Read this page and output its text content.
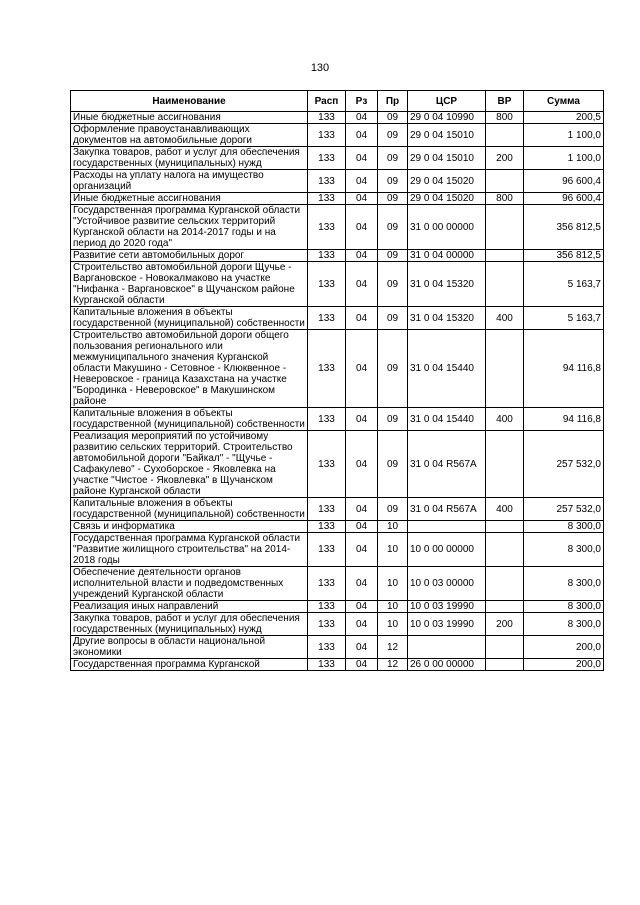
130
Наименование	Расп	Рз	Пр	ЦСР	ВР	Сумма
Иные бюджетные ассигнования	133	04	09	29 0 04 10990	800	200,5
Оформление правоустанавливающих документов на автомобильные дороги	133	04	09	29 0 04 15010		1 100,0
Закупка товаров, работ и услуг для обеспечения государственных (муниципальных) нужд	133	04	09	29 0 04 15010	200	1 100,0
Расходы на уплату налога на имущество организаций	133	04	09	29 0 04 15020		96 600,4
Иные бюджетные ассигнования	133	04	09	29 0 04 15020	800	96 600,4
Государственная программа Курганской области "Устойчивое развитие сельских территорий Курганской области на 2014-2017 годы и на период до 2020 года"	133	04	09	31 0 00 00000		356 812,5
Развитие сети автомобильных дорог	133	04	09	31 0 04 00000		356 812,5
Строительство автомобильной дороги Щучье - Варгановское - Новокалмаково на участке "Нифанка - Варгановское" в Щучанском районе Курганской области	133	04	09	31 0 04 15320		5 163,7
Капитальные вложения в объекты государственной (муниципальной) собственности	133	04	09	31 0 04 15320	400	5 163,7
Строительство автомобильной дороги общего пользования регионального или межмуниципального значения Курганской области Макушино - Сетовное - Клюквенное - Неверовское - граница Казахстана на участке "Бородинка - Неверовское" в Макушинском районе	133	04	09	31 0 04 15440		94 116,8
Капитальные вложения в объекты государственной (муниципальной) собственности	133	04	09	31 0 04 15440	400	94 116,8
Реализация мероприятий по устойчивому развитию сельских территорий. Строительство автомобильной дороги "Байкал" - "Щучье - Сафакулево" - Сухоборское - Яковлевка на участке "Чистое - Яковлевка" в Щучанском районе Курганской области	133	04	09	31 0 04 R567A		257 532,0
Капитальные вложения в объекты государственной (муниципальной) собственности	133	04	09	31 0 04 R567A	400	257 532,0
Связь и информатика	133	04	10			8 300,0
Государственная программа Курганской области "Развитие жилищного строительства" на 2014-2018 годы	133	04	10	10 0 00 00000		8 300,0
Обеспечение деятельности органов исполнительной власти и подведомственных учреждений Курганской области	133	04	10	10 0 03 00000		8 300,0
Реализация иных направлений	133	04	10	10 0 03 19990		8 300,0
Закупка товаров, работ и услуг для обеспечения государственных (муниципальных) нужд	133	04	10	10 0 03 19990	200	8 300,0
Другие вопросы в области национальной экономики	133	04	12			200,0
Государственная программа Курганской	133	04	12	26 0 00 00000		200,0
